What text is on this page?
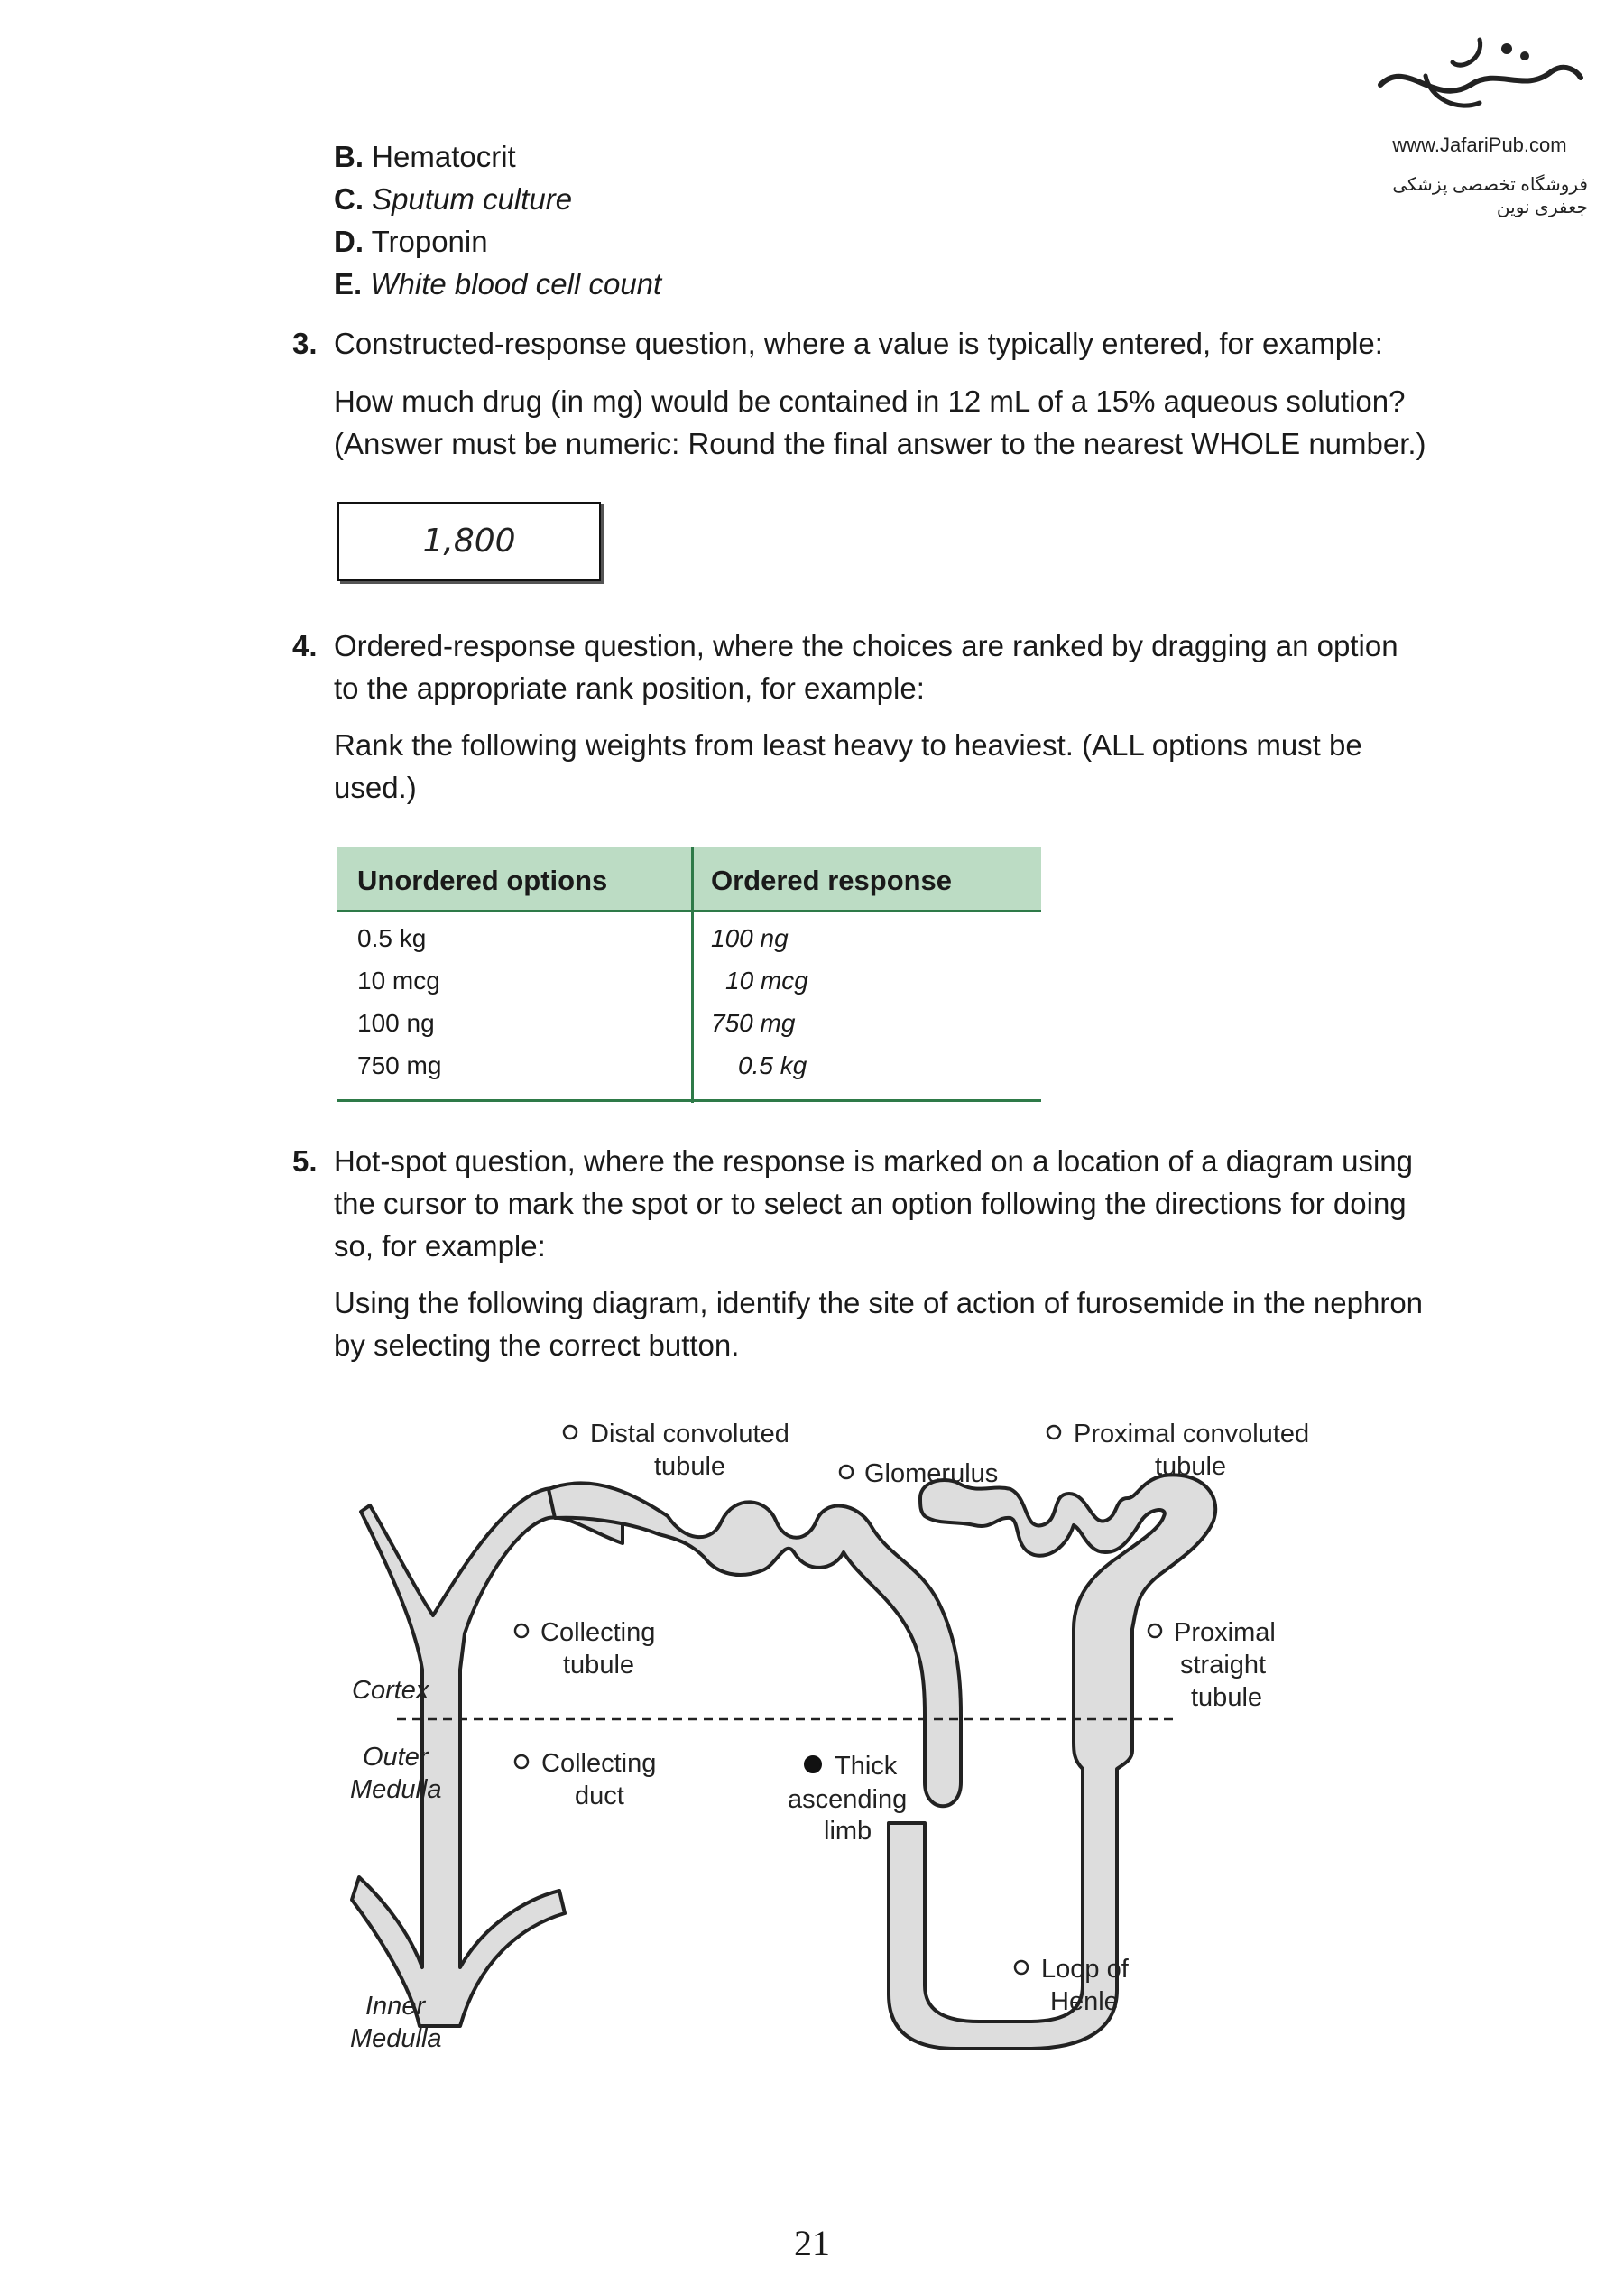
www.JafariPub.com
فروشگاه تخصصی پزشکی جعفری نوین
B. Hematocrit
C. Sputum culture
D. Troponin
E. White blood cell count
3. Constructed-response question, where a value is typically entered, for example:
How much drug (in mg) would be contained in 12 mL of a 15% aqueous solution?
(Answer must be numeric: Round the final answer to the nearest WHOLE number.)
1,800
4. Ordered-response question, where the choices are ranked by dragging an option
to the appropriate rank position, for example:
Rank the following weights from least heavy to heaviest. (ALL options must be
used.)
Unordered options	Ordered response
0.5 kg
10 mcg
100 ng
750 mg
100 ng
10 mcg
750 mg
0.5 kg
5. Hot-spot question, where the response is marked on a location of a diagram using
the cursor to mark the spot or to select an option following the directions for doing
so, for example:
Using the following diagram, identify the site of action of furosemide in the nephron
by selecting the correct button.
Cortex
Outer
Medulla
Inner
Medulla
Distal convoluted
tubule	Glomerulus
Proximal convoluted
tubule
Collecting
tubule
Collecting
duct
Thick
ascending
limb
Proximal
straight
tubule
Loop of
Henle
21
